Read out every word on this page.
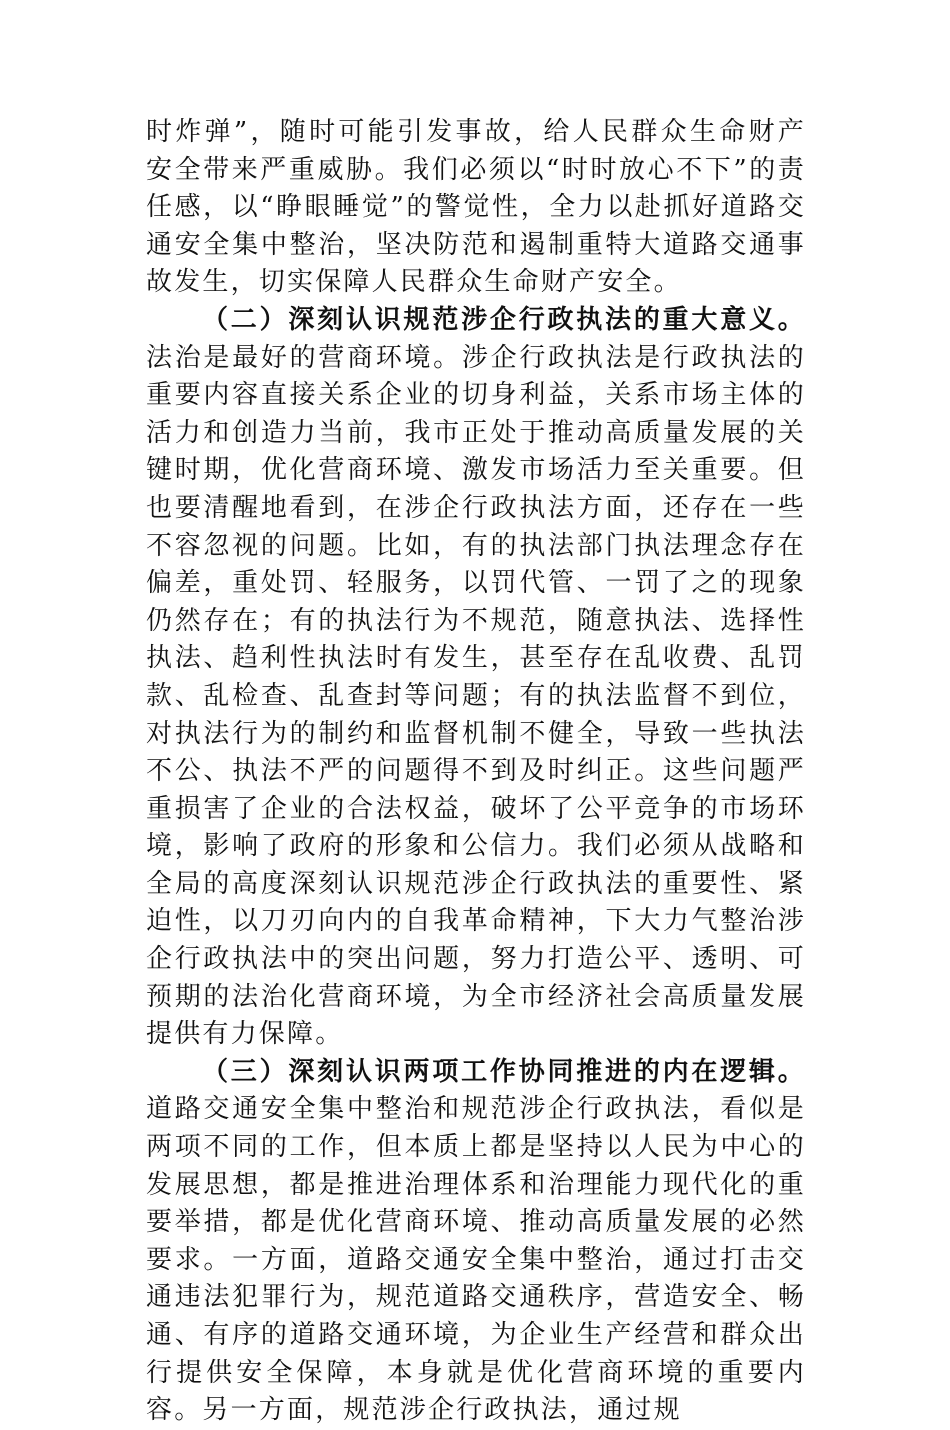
时炸弹”，随时可能引发事故，给人民群众生命财产安全带来严重威胁。我们必须以“时时放心不下”的责任感，以“睁眼睡觉”的警觉性，全力以赴抓好道路交通安全集中整治，坚决防范和遏制重特大道路交通事故发生，切实保障人民群众生命财产安全。

（二）深刻认识规范涉企行政执法的重大意义。法治是最好的营商环境。涉企行政执法是行政执法的重要内容直接关系企业的切身利益，关系市场主体的活力和创造力当前，我市正处于推动高质量发展的关键时期，优化营商环境、激发市场活力至关重要。但也要清醒地看到，在涉企行政执法方面，还存在一些不容忽视的问题。比如，有的执法部门执法理念存在偏差，重处罚、轻服务，以罚代管、一罚了之的现象仍然存在；有的执法行为不规范，随意执法、选择性执法、趋利性执法时有发生，甚至存在乱收费、乱罚款、乱检查、乱查封等问题；有的执法监督不到位，对执法行为的制约和监督机制不健全，导致一些执法不公、执法不严的问题得不到及时纠正。这些问题严重损害了企业的合法权益，破坏了公平竞争的市场环境，影响了政府的形象和公信力。我们必须从战略和全局的高度深刻认识规范涉企行政执法的重要性、紧迫性，以刀刃向内的自我革命精神，下大力气整治涉企行政执法中的突出问题，努力打造公平、透明、可预期的法治化营商环境，为全市经济社会高质量发展提供有力保障。

（三）深刻认识两项工作协同推进的内在逻辑。道路交通安全集中整治和规范涉企行政执法，看似是两项不同的工作，但本质上都是坚持以人民为中心的发展思想，都是推进治理体系和治理能力现代化的重要举措，都是优化营商环境、推动高质量发展的必然要求。一方面，道路交通安全集中整治，通过打击交通违法犯罪行为，规范道路交通秩序，营造安全、畅通、有序的道路交通环境，为企业生产经营和群众出行提供安全保障，本身就是优化营商环境的重要内容。另一方面，规范涉企行政执法，通过规
